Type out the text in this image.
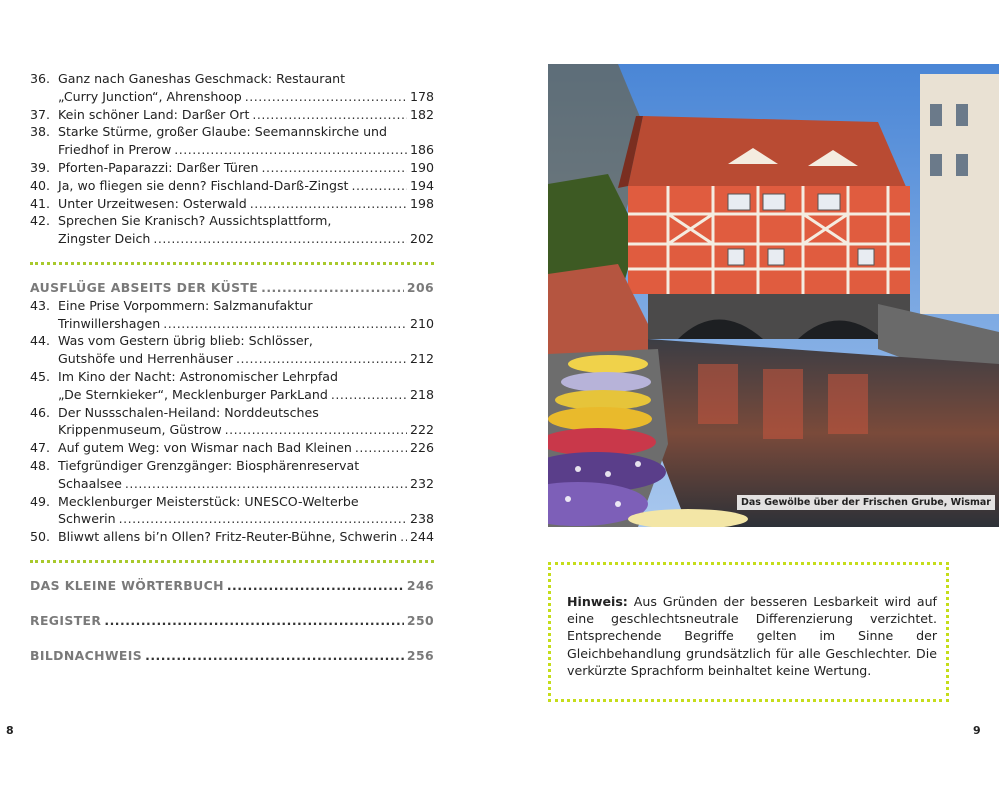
36. Ganz nach Ganeshas Geschmack: Restaurant
„Curry Junction“, Ahrenshoop .....	178
37. Kein schöner Land: Darßer Ort .....	182
38. Starke Stürme, großer Glaube: Seemannskirche und
Friedhof in Prerow .....	186
39. Pforten-Paparazzi: Darßer Türen .....	190
40. Ja, wo fliegen sie denn? Fischland-Darß-Zingst .....	194
41. Unter Urzeitwesen: Osterwald .....	198
42. Sprechen Sie Kranisch? Aussichtsplattform,
Zingster Deich .....	202
AUSFLÜGE ABSEITS DER KÜSTE .....	206
43. Eine Prise Vorpommern: Salzmanufaktur
Trinwillershagen .....	210
44. Was vom Gestern übrig blieb: Schlösser,
Gutshöfe und Herrenhäuser .....	212
45. Im Kino der Nacht: Astronomischer Lehrpfad
„De Sternkieker“, Mecklenburger ParkLand .....	218
46. Der Nussschalen-Heiland: Norddeutsches
Krippenmuseum, Güstrow .....	222
47. Auf gutem Weg: von Wismar nach Bad Kleinen .....	226
48. Tiefgründiger Grenzgänger: Biosphärenreservat
Schaalsee .....	232
49. Mecklenburger Meisterstück: UNESCO-Welterbe
Schwerin .....	238
50. Bliwwt allens bi’n Ollen? Fritz-Reuter-Bühne, Schwerin ..... 244
DAS KLEINE WÖRTERBUCH .....	246
REGISTER .....	250
BILDNACHWEIS .....	256
8
Das Gewölbe über der Frischen Grube, Wismar
Hinweis: Aus Gründen der besseren Lesbarkeit wird auf eine geschlechtsneutrale Differenzierung verzichtet. Entsprechende Begriffe gelten im Sinne der Gleichbehandlung grundsätzlich für alle Geschlechter. Die verkürzte Sprachform beinhaltet keine Wertung.
9
